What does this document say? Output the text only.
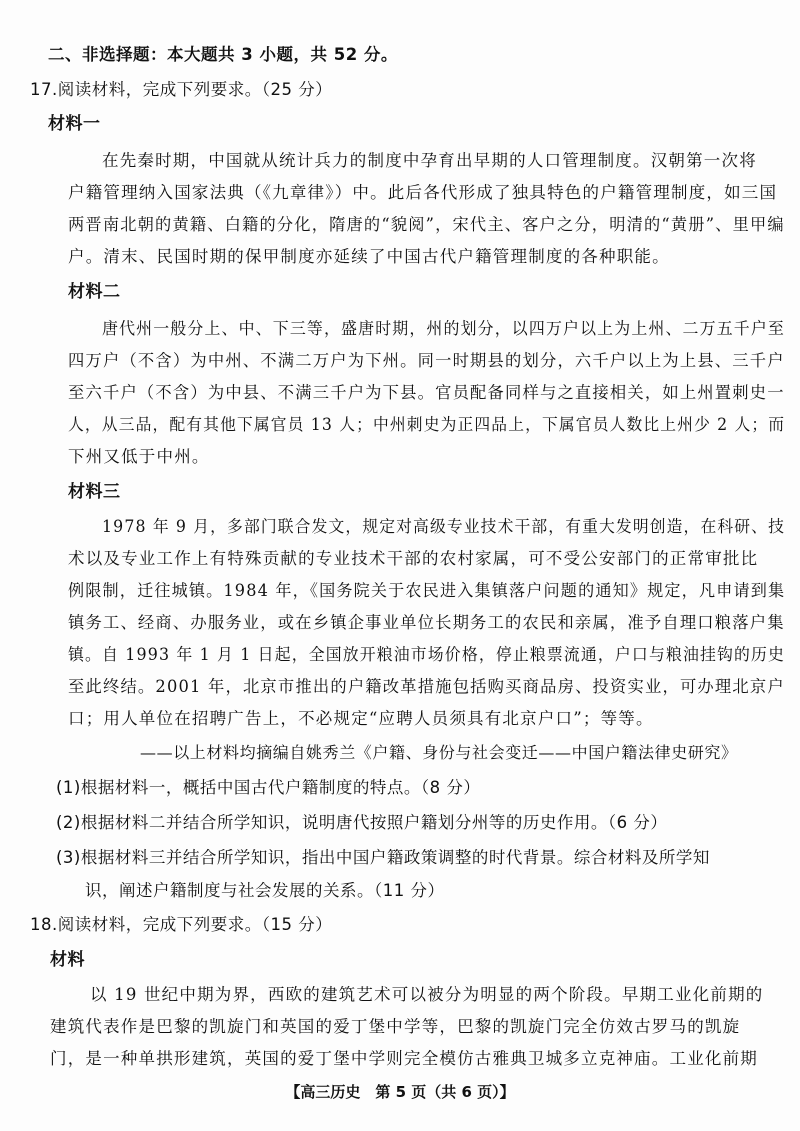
二、非选择题：本大题共 3 小题，共 52 分。
17.阅读材料，完成下列要求。（25 分）
材料一
在先秦时期，中国就从统计兵力的制度中孕育出早期的人口管理制度。汉朝第一次将
户籍管理纳入国家法典（《九章律》）中。此后各代形成了独具特色的户籍管理制度，如三国
两晋南北朝的黄籍、白籍的分化，隋唐的“貌阅”，宋代主、客户之分，明清的“黄册”、里甲编
户。清末、民国时期的保甲制度亦延续了中国古代户籍管理制度的各种职能。
材料二
唐代州一般分上、中、下三等，盛唐时期，州的划分，以四万户以上为上州、二万五千户至
四万户（不含）为中州、不满二万户为下州。同一时期县的划分，六千户以上为上县、三千户
至六千户（不含）为中县、不满三千户为下县。官员配备同样与之直接相关，如上州置刺史一
人，从三品，配有其他下属官员 13 人；中州刺史为正四品上，下属官员人数比上州少 2 人；而
下州又低于中州。
材料三
1978 年 9 月，多部门联合发文，规定对高级专业技术干部，有重大发明创造，在科研、技
术以及专业工作上有特殊贡献的专业技术干部的农村家属，可不受公安部门的正常审批比
例限制，迁往城镇。1984 年，《国务院关于农民进入集镇落户问题的通知》规定，凡申请到集
镇务工、经商、办服务业，或在乡镇企事业单位长期务工的农民和亲属，准予自理口粮落户集
镇。自 1993 年 1 月 1 日起，全国放开粮油市场价格，停止粮票流通，户口与粮油挂钩的历史
至此终结。2001 年，北京市推出的户籍改革措施包括购买商品房、投资实业，可办理北京户
口；用人单位在招聘广告上，不必规定“应聘人员须具有北京户口”；等等。
——以上材料均摘编自姚秀兰《户籍、身份与社会变迁——中国户籍法律史研究》
(1)根据材料一，概括中国古代户籍制度的特点。（8 分）
(2)根据材料二并结合所学知识，说明唐代按照户籍划分州等的历史作用。（6 分）
(3)根据材料三并结合所学知识，指出中国户籍政策调整的时代背景。综合材料及所学知
识，阐述户籍制度与社会发展的关系。（11 分）
18.阅读材料，完成下列要求。（15 分）
材料
以 19 世纪中期为界，西欧的建筑艺术可以被分为明显的两个阶段。早期工业化前期的
建筑代表作是巴黎的凯旋门和英国的爱丁堡中学等，巴黎的凯旋门完全仿效古罗马的凯旋
门，是一种单拱形建筑，英国的爱丁堡中学则完全模仿古雅典卫城多立克神庙。工业化前期
【高三历史　第 5 页（共 6 页）】
